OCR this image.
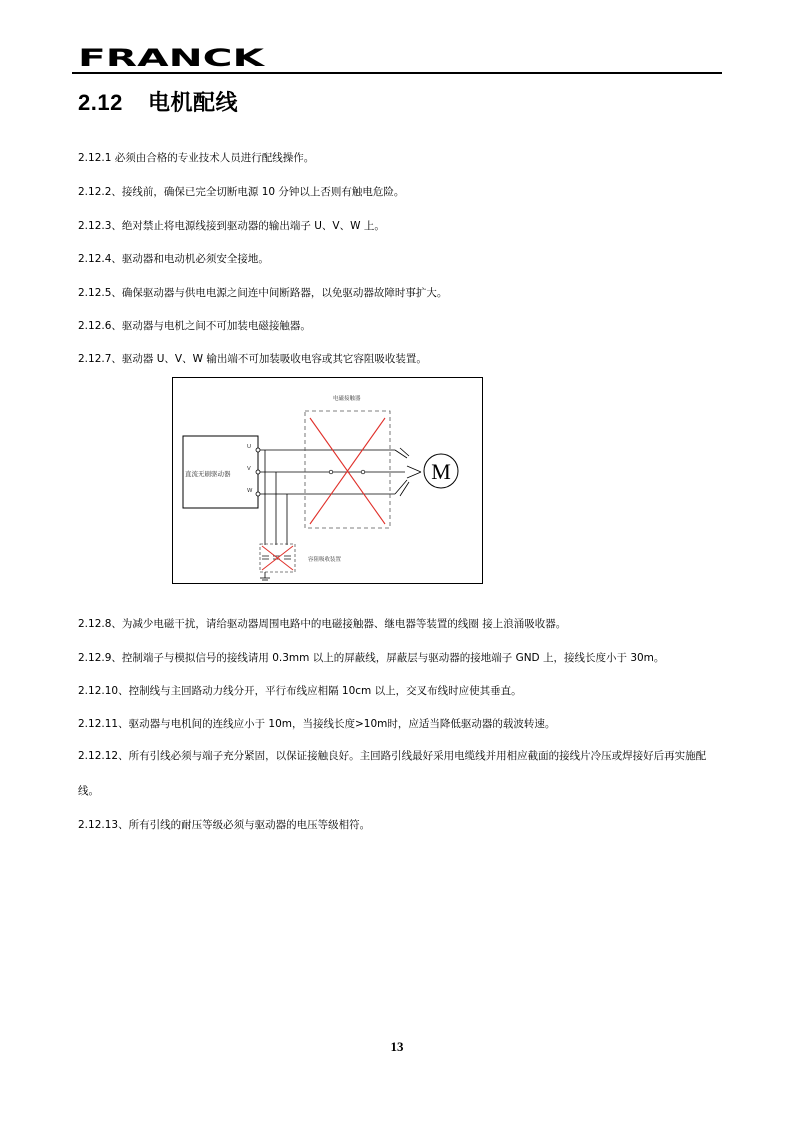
FRANCK
2.12 电机配线
2.12.1 必须由合格的专业技术人员进行配线操作。
2.12.2、接线前，确保已完全切断电源 10 分钟以上否则有触电危险。
2.12.3、绝对禁止将电源线接到驱动器的输出端子 U、V、W 上。
2.12.4、驱动器和电动机必须安全接地。
2.12.5、确保驱动器与供电电源之间连中间断路器，以免驱动器故障时事扩大。
2.12.6、驱动器与电机之间不可加装电磁接触器。
2.12.7、驱动器 U、V、W 输出端不可加装吸收电容或其它容阻吸收装置。
M
直流无刷驱动器
U
V
W
电磁接触器
容阻吸收装置
2.12.8、为减少电磁干扰，请给驱动器周围电路中的电磁接触器、继电器等装置的线圈 接上浪涌吸收器。
2.12.9、控制端子与模拟信号的接线请用 0.3mm 以上的屏蔽线，屏蔽层与驱动器的接地端子 GND 上，接线长度小于 30m。
2.12.10、控制线与主回路动力线分开，平行布线应相隔 10cm 以上，交叉布线时应使其垂直。
2.12.11、驱动器与电机间的连线应小于 10m，当接线长度>10m时，应适当降低驱动器的载波转速。
2.12.12、所有引线必须与端子充分紧固，以保证接触良好。主回路引线最好采用电缆线并用相应截面的接线片冷压或焊接好后再实施配线。
2.12.13、所有引线的耐压等级必须与驱动器的电压等级相符。
13
